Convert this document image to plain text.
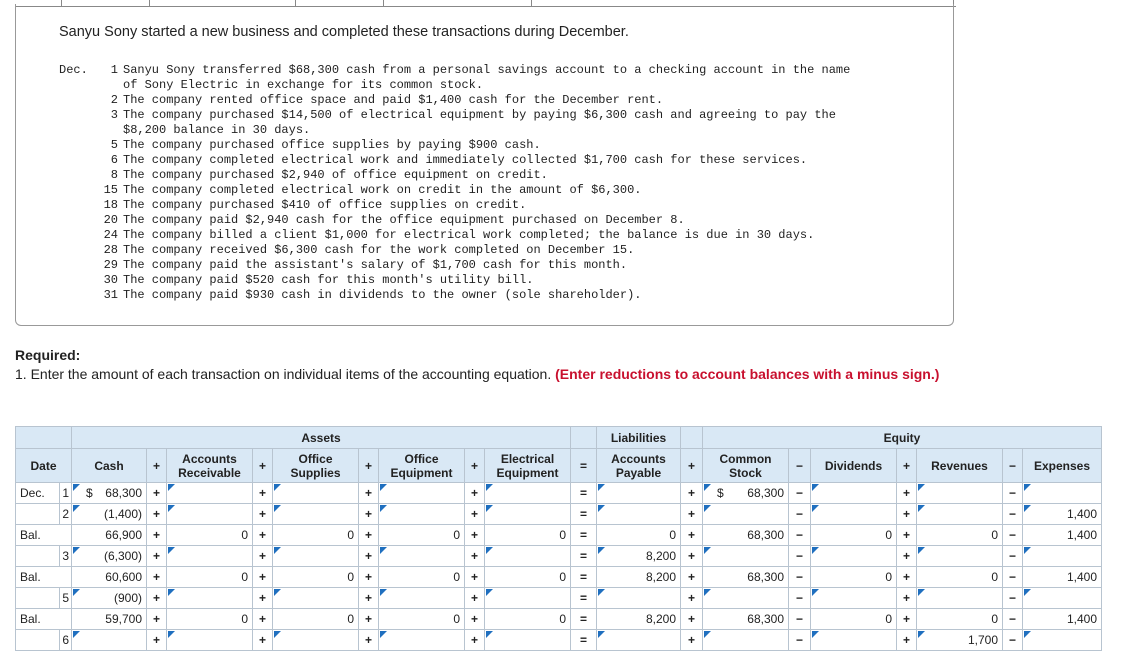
Sanyu Sony started a new business and completed these transactions during December.
Dec.	1 Sanyu Sony transferred $68,300 cash from a personal savings account to a checking account in the name
of Sony Electric in exchange for its common stock.
2 The company rented office space and paid $1,400 cash for the December rent.
3 The company purchased $14,500 of electrical equipment by paying $6,300 cash and agreeing to pay the
$8,200 balance in 30 days.
5 The company purchased office supplies by paying $900 cash.
6 The company completed electrical work and immediately collected $1,700 cash for these services.
8 The company purchased $2,940 of office equipment on credit.
15 The company completed electrical work on credit in the amount of $6,300.
18 The company purchased $410 of office supplies on credit.
20 The company paid $2,940 cash for the office equipment purchased on December 8.
24 The company billed a client $1,000 for electrical work completed; the balance is due in 30 days.
28 The company received $6,300 cash for the work completed on December 15.
29 The company paid the assistant's salary of $1,700 cash for this month.
30 The company paid $520 cash for this month's utility bill.
31 The company paid $930 cash in dividends to the owner (sole shareholder).
Required:
1. Enter the amount of each transaction on individual items of the accounting equation. (Enter reductions to account balances with a minus sign.)
		Assets										Liabilities		Equity						
Date		Cash	+	Accounts Receivable	+	Office Supplies	+	Office Equipment	+	Electrical Equipment	=	Accounts Payable	+	Common Stock	−	Dividends	+	Revenues	−	Expenses
Dec.	1	$ 68,300	+		+		+		+		=		+	$ 68,300	−		+		−	

	2	(1,400)	+		+		+		+		=		+		−		+		−	1,400

Bal.		66,900	+	0	+	0	+	0	+	0	=	0	+	68,300	−	0	+	0	−	1,400
	3	(6,300)	+		+		+		+		=	8,200	+		−		+		−	

Bal.		60,600	+	0	+	0	+	0	+	0	=	8,200	+	68,300	−	0	+	0	−	1,400
	5	(900)	+		+		+		+		=		+		−		+		−	

Bal.		59,700	+	0	+	0	+	0	+	0	=	8,200	+	68,300	−	0	+	0	−	1,400
	6		+		+		+		+		=		+		−		+	1,700	−	
